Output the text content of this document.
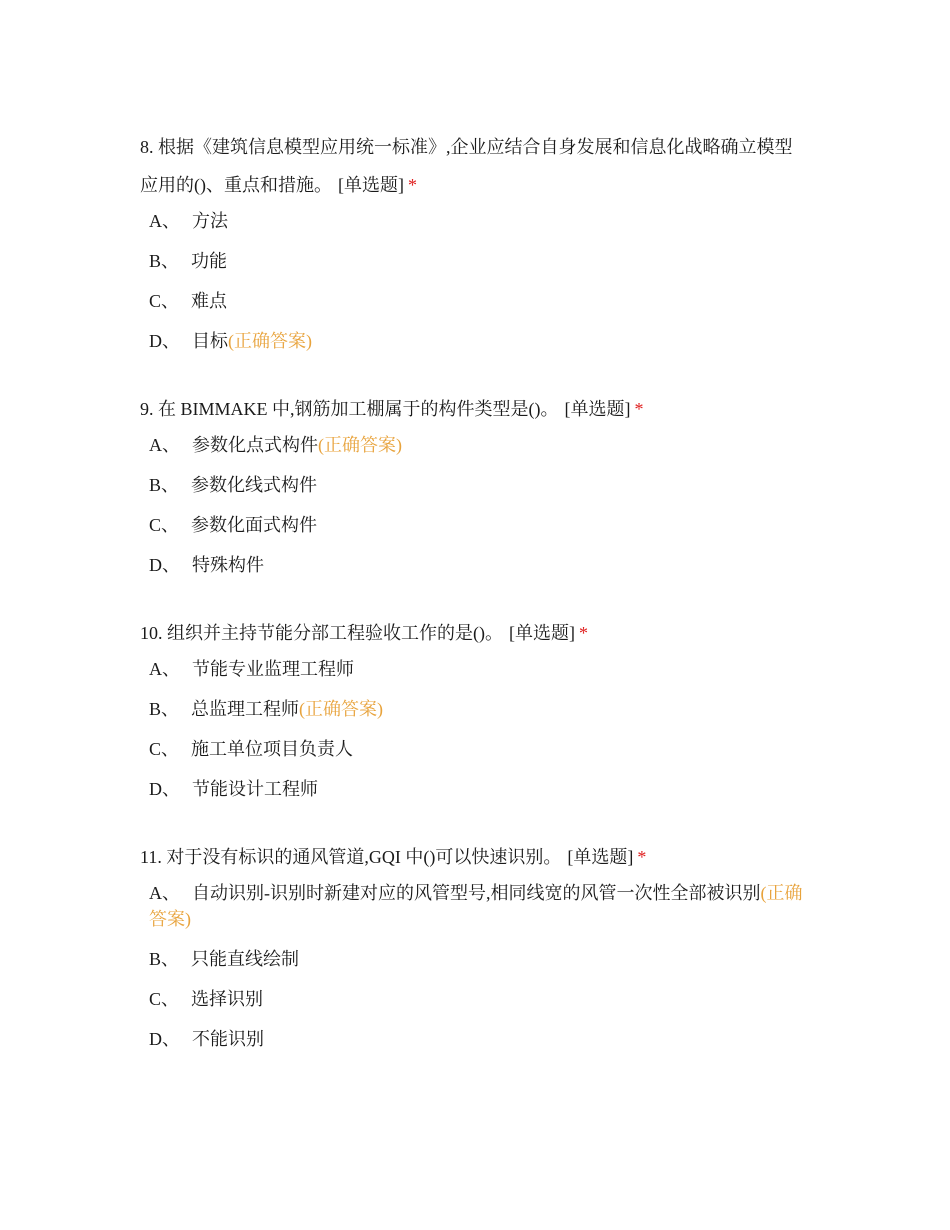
8. 根据《建筑信息模型应用统一标准》,企业应结合自身发展和信息化战略确立模型应用的()、重点和措施。 [单选题] *

A、 方法
B、 功能
C、 难点
D、 目标(正确答案)

9. 在 BIMMAKE 中,钢筋加工棚属于的构件类型是()。 [单选题] *

A、 参数化点式构件(正确答案)
B、 参数化线式构件
C、 参数化面式构件
D、 特殊构件

10. 组织并主持节能分部工程验收工作的是()。 [单选题] *

A、 节能专业监理工程师
B、 总监理工程师(正确答案)
C、 施工单位项目负责人
D、 节能设计工程师

11. 对于没有标识的通风管道,GQI 中()可以快速识别。 [单选题] *

A、 自动识别-识别时新建对应的风管型号,相同线宽的风管一次性全部被识别(正确答案)
B、 只能直线绘制
C、 选择识别
D、 不能识别
